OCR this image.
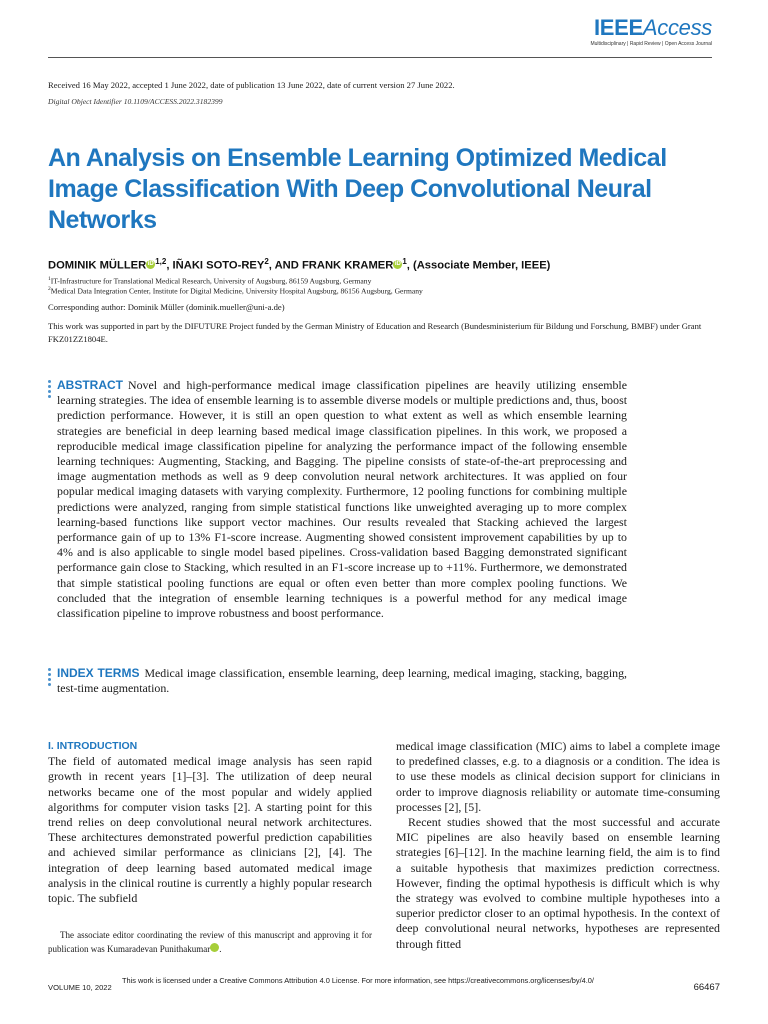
IEEEAccess
Multidisciplinary | Rapid Review | Open Access Journal
Received 16 May 2022, accepted 1 June 2022, date of publication 13 June 2022, date of current version 27 June 2022.
Digital Object Identifier 10.1109/ACCESS.2022.3182399
An Analysis on Ensemble Learning Optimized Medical Image Classification With Deep Convolutional Neural Networks
DOMINIK MÜLLER iD $^{1,2}$, IÑAKI SOTO-REY$^2$, AND FRANK KRAMER iD $^1$, (Associate Member, IEEE)
$^1$IT-Infrastructure for Translational Medical Research, University of Augsburg, 86159 Augsburg, Germany
$^2$Medical Data Integration Center, Institute for Digital Medicine, University Hospital Augsburg, 86156 Augsburg, Germany
Corresponding author: Dominik Müller (dominik.mueller@uni-a.de)
This work was supported in part by the DIFUTURE Project funded by the German Ministry of Education and Research (Bundesministerium für Bildung und Forschung, BMBF) under Grant FKZ01ZZ1804E.
ABSTRACT Novel and high-performance medical image classification pipelines are heavily utilizing ensemble learning strategies. The idea of ensemble learning is to assemble diverse models or multiple predictions and, thus, boost prediction performance. However, it is still an open question to what extent as well as which ensemble learning strategies are beneficial in deep learning based medical image classification pipelines. In this work, we proposed a reproducible medical image classification pipeline for analyzing the performance impact of the following ensemble learning techniques: Augmenting, Stacking, and Bagging. The pipeline consists of state-of-the-art preprocessing and image augmentation methods as well as 9 deep convolution neural network architectures. It was applied on four popular medical imaging datasets with varying complexity. Furthermore, 12 pooling functions for combining multiple predictions were analyzed, ranging from simple statistical functions like unweighted averaging up to more complex learning-based functions like support vector machines. Our results revealed that Stacking achieved the largest performance gain of up to 13% F1-score increase. Augmenting showed consistent improvement capabilities by up to 4% and is also applicable to single model based pipelines. Cross-validation based Bagging demonstrated significant performance gain close to Stacking, which resulted in an F1-score increase up to +11%. Furthermore, we demonstrated that simple statistical pooling functions are equal or often even better than more complex pooling functions. We concluded that the integration of ensemble learning techniques is a powerful method for any medical image classification pipeline to improve robustness and boost performance.
INDEX TERMS Medical image classification, ensemble learning, deep learning, medical imaging, stacking, bagging, test-time augmentation.
I. INTRODUCTION

The field of automated medical image analysis has seen rapid growth in recent years [1]–[3]. The utilization of deep neural networks became one of the most popular and widely applied algorithms for computer vision tasks [2]. A starting point for this trend relies on deep convolutional neural network architectures. These architectures demonstrated powerful prediction capabilities and achieved similar performance as clinicians [2], [4]. The integration of deep learning based automated medical image analysis in the clinical routine is currently a highly popular research topic. The subfield

The associate editor coordinating the review of this manuscript and approving it for publication was Kumaradevan Punithakumar iD.

medical image classification (MIC) aims to label a complete image to predefined classes, e.g. to a diagnosis or a condition. The idea is to use these models as clinical decision support for clinicians in order to improve diagnosis reliability or automate time-consuming processes [2], [5].

Recent studies showed that the most successful and accurate MIC pipelines are also heavily based on ensemble learning strategies [6]–[12]. In the machine learning field, the aim is to find a suitable hypothesis that maximizes prediction correctness. However, finding the optimal hypothesis is difficult which is why the strategy was evolved to combine multiple hypotheses into a superior predictor closer to an optimal hypothesis. In the context of deep convolutional neural networks, hypotheses are represented through fitted

VOLUME 10, 2022
This work is licensed under a Creative Commons Attribution 4.0 License. For more information, see https://creativecommons.org/licenses/by/4.0/
66467
